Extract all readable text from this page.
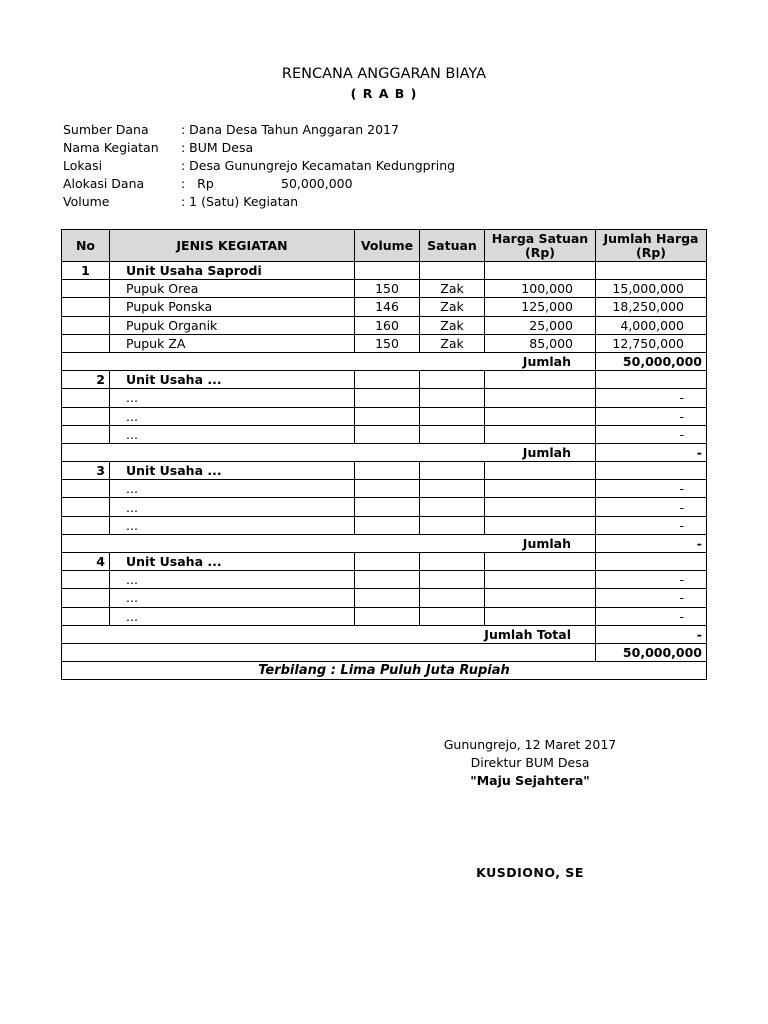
RENCANA ANGGARAN BIAYA
( R A B )
Sumber Dana	: Dana Desa Tahun Anggaran 2017
Nama Kegiatan : BUM Desa
Lokasi	: Desa Gunungrejo Kecamatan Kedungpring
Alokasi Dana	:   Rp	50,000,000
Volume	: 1 (Satu) Kegiatan
No	JENIS KEGIATAN	Volume	Satuan	Harga Satuan (Rp)	Jumlah Harga (Rp)
1	Unit Usaha Saprodi				
	Pupuk Orea	150	Zak	100,000	15,000,000
	Pupuk Ponska	146	Zak	125,000	18,250,000
	Pupuk Organik	160	Zak	25,000	4,000,000
	Pupuk ZA	150	Zak	85,000	12,750,000
Jumlah					50,000,000
2	Unit Usaha ...				
	...				-
	...				-
	...				-
Jumlah					-
3	Unit Usaha ...				
	...				-
	...				-
	...				-
Jumlah					-
4	Unit Usaha ...				
	...				-
	...				-
	...				-
Jumlah Total					-
					50,000,000
Terbilang : Lima Puluh Juta Rupiah					
Gunungrejo, 12 Maret 2017
Direktur BUM Desa
"Maju Sejahtera"
KUSDIONO, SE
